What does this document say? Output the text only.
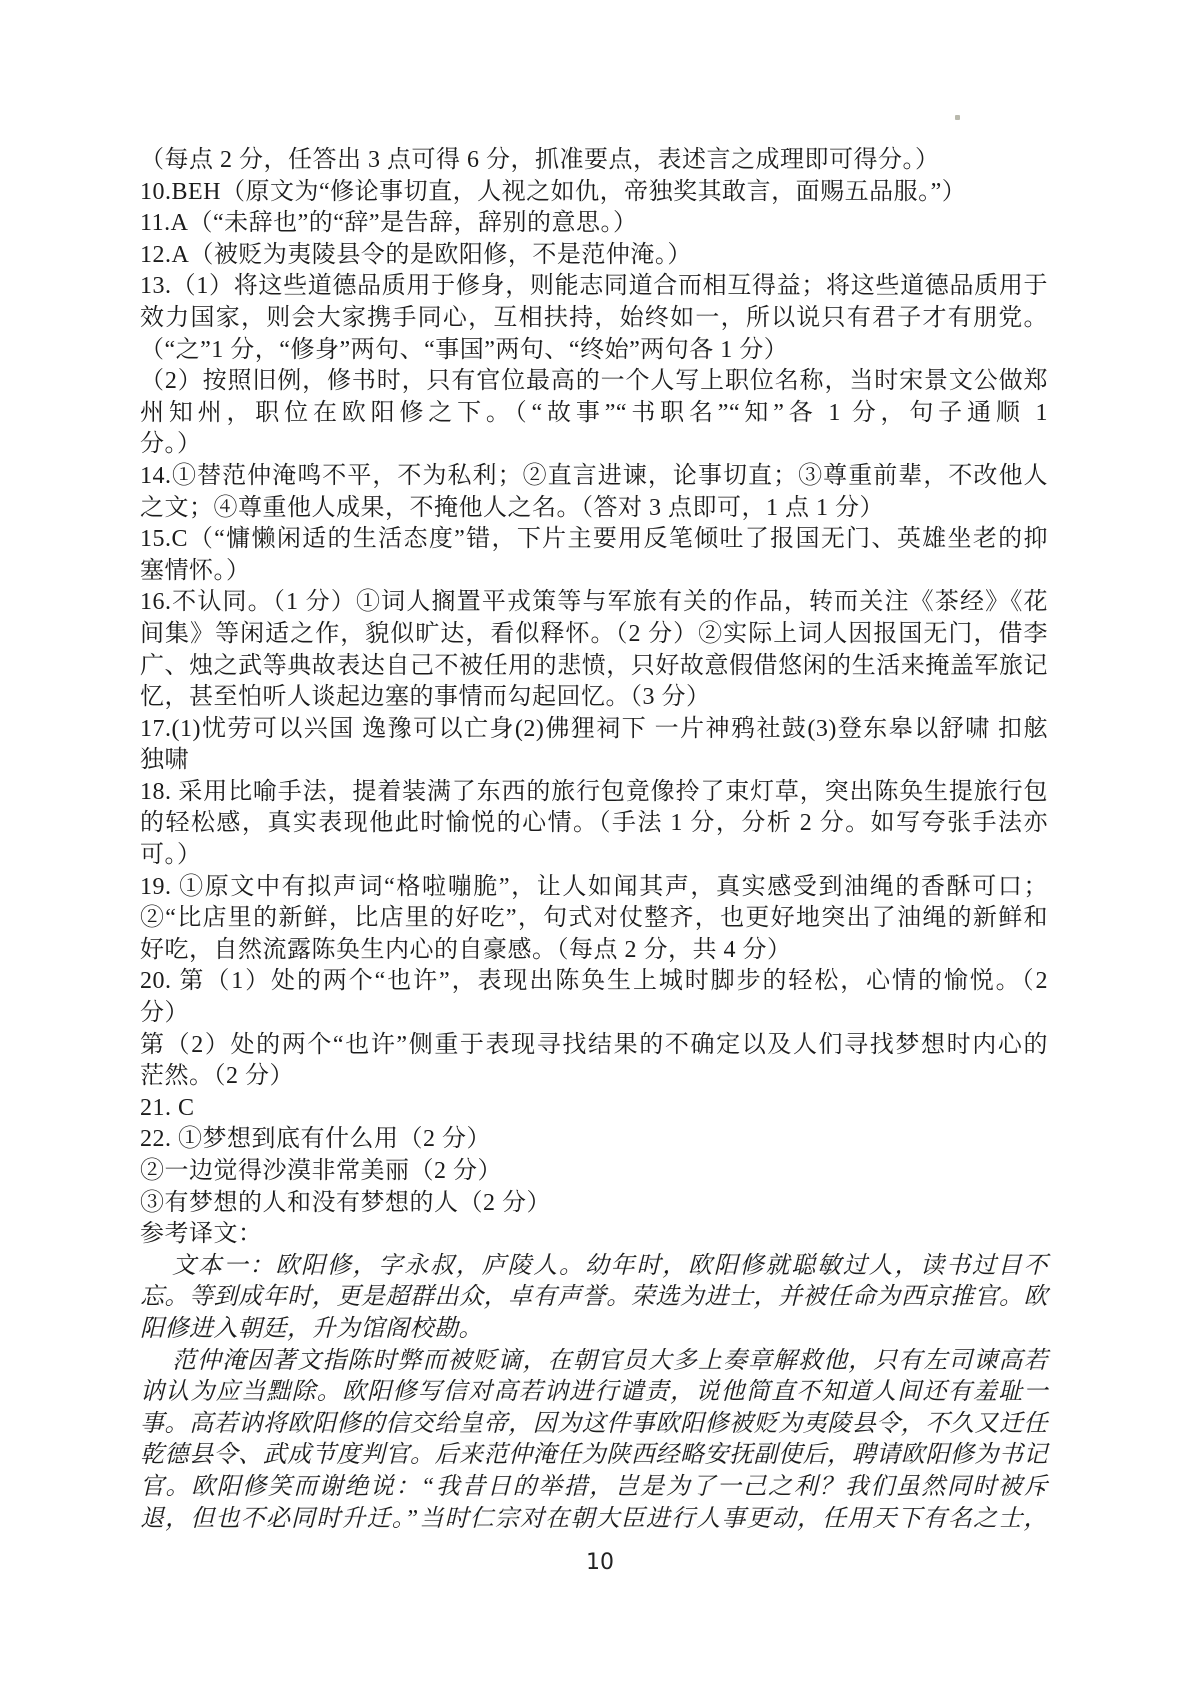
（每点 2 分，任答出 3 点可得 6 分，抓准要点，表述言之成理即可得分。）
10.BEH（原文为“修论事切直，人视之如仇，帝独奖其敢言，面赐五品服。”）
11.A（“未辞也”的“辞”是告辞，辞别的意思。）
12.A（被贬为夷陵县令的是欧阳修，不是范仲淹。）
13.（1）将这些道德品质用于修身，则能志同道合而相互得益；将这些道德品质用于
效力国家，则会大家携手同心，互相扶持，始终如一，所以说只有君子才有朋党。
（“之”1 分，“修身”两句、“事国”两句、“终始”两句各 1 分）
（2）按照旧例，修书时，只有官位最高的一个人写上职位名称，当时宋景文公做郑
州知州，职位在欧阳修之下。（“故事”“书职名”“知”各 1 分，句子通顺 1
分。）
14.①替范仲淹鸣不平，不为私利；②直言进谏，论事切直；③尊重前辈，不改他人
之文；④尊重他人成果，不掩他人之名。（答对 3 点即可，1 点 1 分）
15.C（“慵懒闲适的生活态度”错，下片主要用反笔倾吐了报国无门、英雄坐老的抑
塞情怀。）
16.不认同。（1 分）①词人搁置平戎策等与军旅有关的作品，转而关注《茶经》《花
间集》等闲适之作，貌似旷达，看似释怀。（2 分）②实际上词人因报国无门，借李
广、烛之武等典故表达自己不被任用的悲愤，只好故意假借悠闲的生活来掩盖军旅记
忆，甚至怕听人谈起边塞的事情而勾起回忆。（3 分）
17.(1)忧劳可以兴国 逸豫可以亡身(2)佛狸祠下 一片神鸦社鼓(3)登东皋以舒啸 扣舷
独啸
18. 采用比喻手法，提着装满了东西的旅行包竟像拎了束灯草，突出陈奂生提旅行包
的轻松感，真实表现他此时愉悦的心情。（手法 1 分，分析 2 分。如写夸张手法亦
可。）
19. ①原文中有拟声词“格啦嘣脆”，让人如闻其声，真实感受到油绳的香酥可口；
②“比店里的新鲜，比店里的好吃”，句式对仗整齐，也更好地突出了油绳的新鲜和
好吃，自然流露陈奂生内心的自豪感。（每点 2 分，共 4 分）
20. 第（1）处的两个“也许”，表现出陈奂生上城时脚步的轻松，心情的愉悦。（2
分）
第（2）处的两个“也许”侧重于表现寻找结果的不确定以及人们寻找梦想时内心的
茫然。（2 分）
21. C
22. ①梦想到底有什么用（2 分）
②一边觉得沙漠非常美丽（2 分）
③有梦想的人和没有梦想的人（2 分）
参考译文：
文本一：欧阳修，字永叔，庐陵人。幼年时，欧阳修就聪敏过人，读书过目不
忘。等到成年时，更是超群出众，卓有声誉。荣选为进士，并被任命为西京推官。欧
阳修进入朝廷，升为馆阁校勘。
范仲淹因著文指陈时弊而被贬谪，在朝官员大多上奏章解救他，只有左司谏高若
讷认为应当黜除。欧阳修写信对高若讷进行谴责，说他简直不知道人间还有羞耻一
事。高若讷将欧阳修的信交给皇帝，因为这件事欧阳修被贬为夷陵县令，不久又迁任
乾德县令、武成节度判官。后来范仲淹任为陕西经略安抚副使后，聘请欧阳修为书记
官。欧阳修笑而谢绝说：“我昔日的举措，岂是为了一己之利？我们虽然同时被斥
退，但也不必同时升迁。”当时仁宗对在朝大臣进行人事更动，任用天下有名之士，
10
